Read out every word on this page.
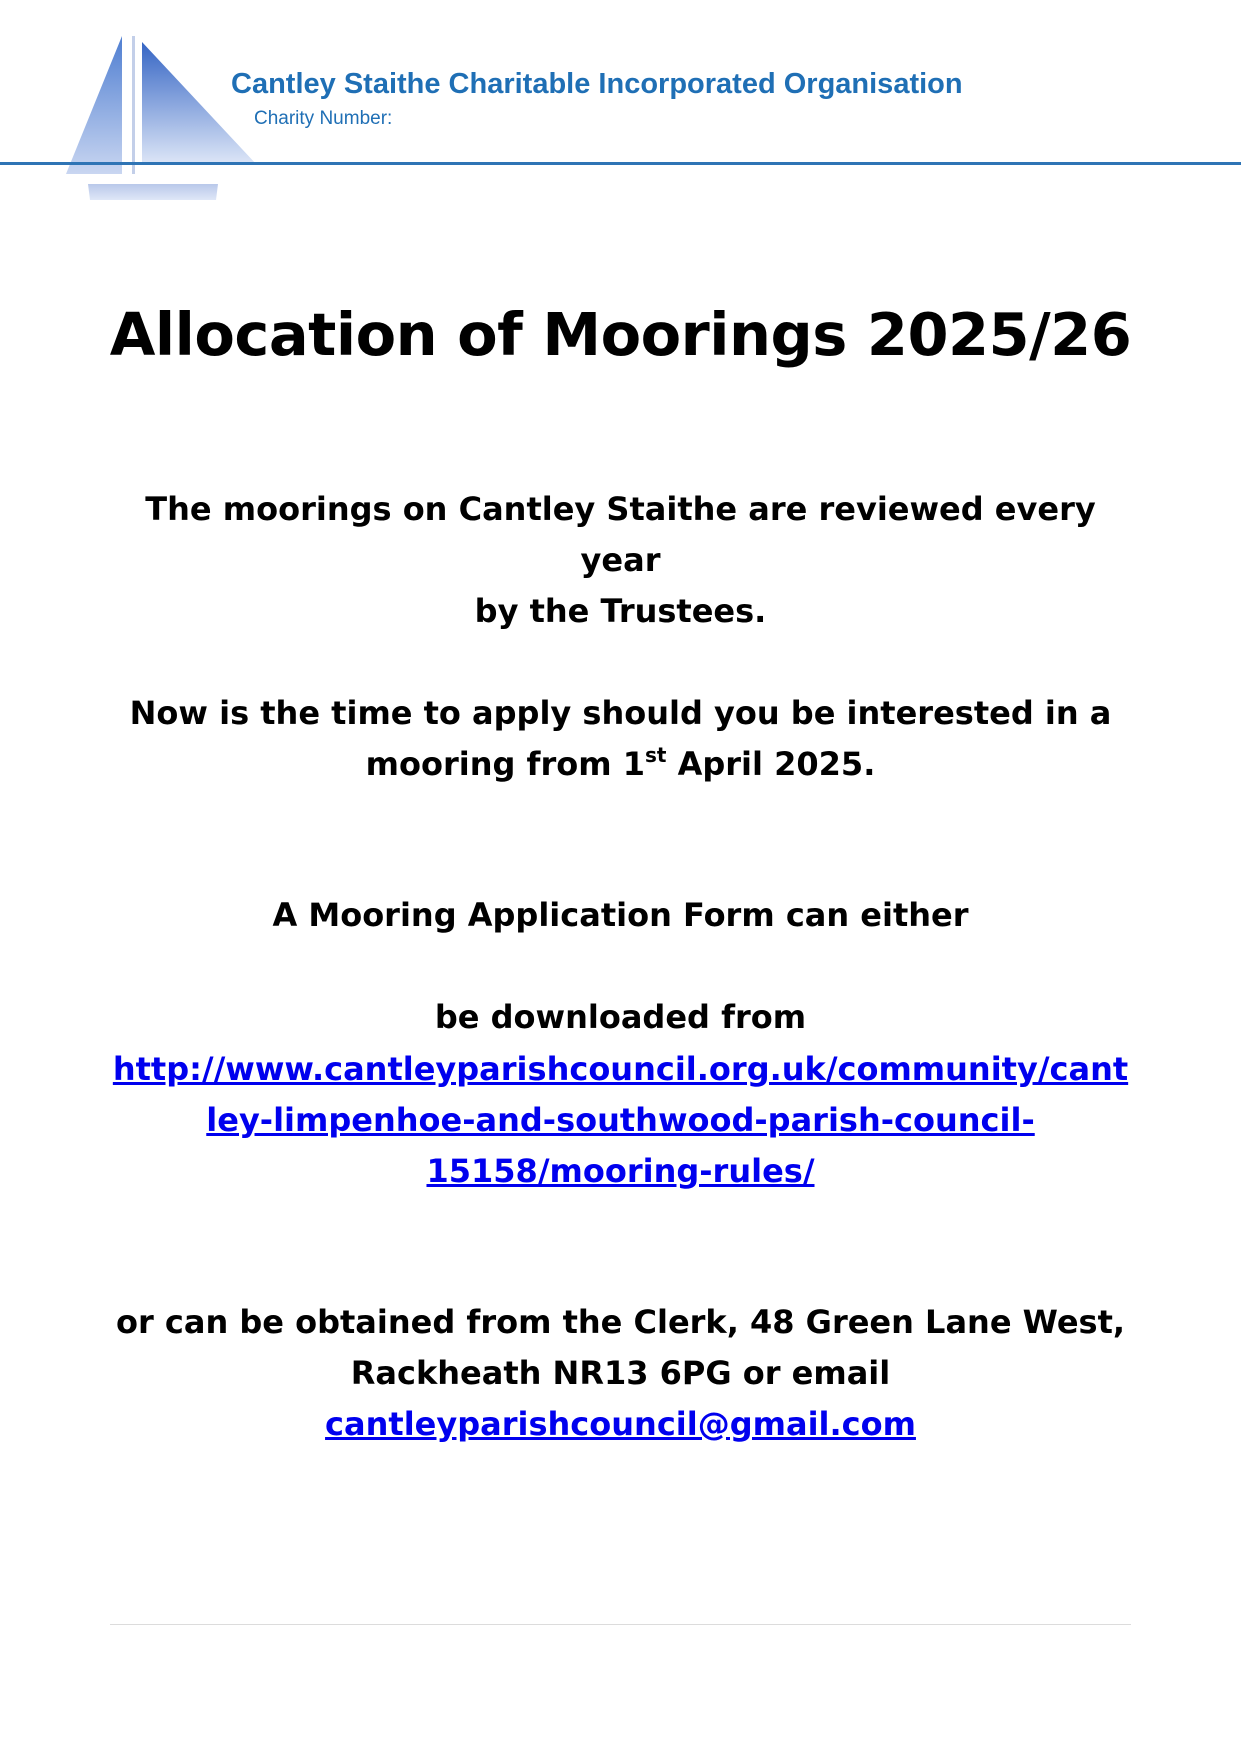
Cantley Staithe Charitable Incorporated Organisation
Charity Number:
Allocation of Moorings 2025/26
The moorings on Cantley Staithe are reviewed every year
by the Trustees.
Now is the time to apply should you be interested in a
mooring from 1st April 2025.
A Mooring Application Form can either
be downloaded from
http://www.cantleyparishcouncil.org.uk/community/cant
ley-limpenhoe-and-southwood-parish-council-
15158/mooring-rules/
or can be obtained from the Clerk, 48 Green Lane West,
Rackheath NR13 6PG or email
cantleyparishcouncil@gmail.com
